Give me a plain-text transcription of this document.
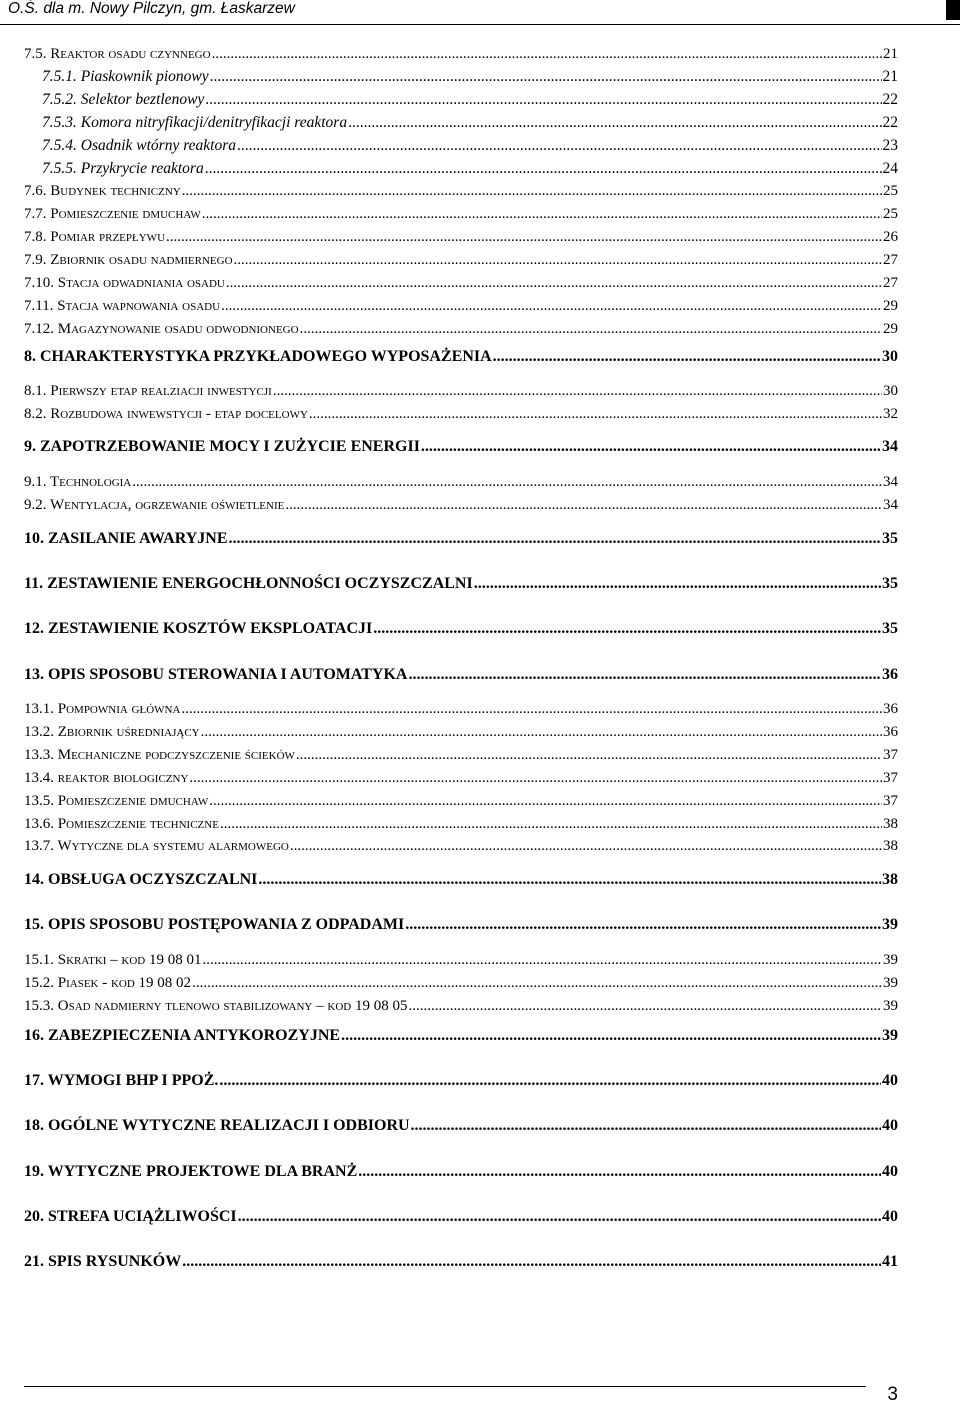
O.Ś. dla m. Nowy Pilczyn, gm. Łaskarzew
7.5. Reaktor osadu czynnego .....	21
7.5.1. Piaskownik pionowy .....	21
7.5.2. Selektor beztlenowy .....	22
7.5.3. Komora nitryfikacji/denitryfikacji reaktora .....	22
7.5.4. Osadnik wtórny reaktora .....	23
7.5.5. Przykrycie reaktora .....	24
7.6. Budynek techniczny .....	25
7.7. Pomieszczenie dmuchaw .....	25
7.8. Pomiar przepływu .....	26
7.9. Zbiornik osadu nadmiernego .....	27
7.10. Stacja odwadniania osadu .....	27
7.11. Stacja wapnowania osadu .....	29
7.12. Magazynowanie osadu odwodnionego .....	29
8. CHARAKTERYSTYKA PRZYKŁADOWEGO WYPOSAŻENIA .....	30
8.1. Pierwszy etap realziacji inwestycji .....	30
8.2. Rozbudowa inwewstycji - etap docelowy .....	32
9. ZAPOTRZEBOWANIE MOCY I ZUŻYCIE ENERGII .....	34
9.1. Technologia .....	34
9.2. Wentylacja, ogrzewanie oświetlenie .....	34
10. ZASILANIE AWARYJNE .....	35
11. ZESTAWIENIE ENERGOCHŁONNOŚCI OCZYSZCZALNI .....	35
12. ZESTAWIENIE KOSZTÓW EKSPLOATACJI .....	35
13. OPIS SPOSOBU STEROWANIA I AUTOMATYKA .....	36
13.1. Pompownia główna .....	36
13.2. Zbiornik uśredniający .....	36
13.3. Mechaniczne podczyszczenie ścieków .....	37
13.4. reaktor biologiczny .....	37
13.5. Pomieszczenie dmuchaw .....	37
13.6. Pomieszczenie techniczne .....	38
13.7. Wytyczne dla systemu alarmowego .....	38
14. OBSŁUGA OCZYSZCZALNI .....	38
15. OPIS SPOSOBU POSTĘPOWANIA Z ODPADAMI .....	39
15.1. Skratki – kod 19 08 01 .....	39
15.2. Piasek - kod 19 08 02 .....	39
15.3. Osad nadmierny tlenowo stabilizowany – kod 19 08 05 .....	39
16. ZABEZPIECZENIA ANTYKOROZYJNE .....	39
17. WYMOGI BHP I PPOŻ. .....	40
18. OGÓLNE WYTYCZNE REALIZACJI I ODBIORU .....	40
19. WYTYCZNE PROJEKTOWE DLA BRANŻ .....	40
20. STREFA UCIĄŻLIWOŚCI .....	40
21. SPIS RYSUNKÓW .....	41
3
